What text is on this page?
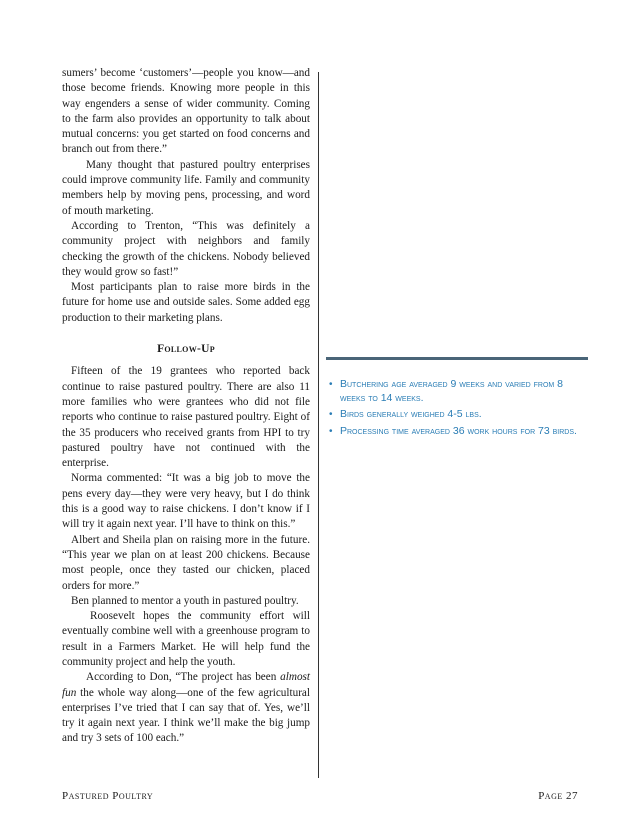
sumers’ become ‘customers’—people you know—and those become friends. Knowing more people in this way engenders a sense of wider community. Coming to the farm also provides an opportunity to talk about mutual concerns: you get started on food concerns and branch out from there.”

Many thought that pastured poultry enterprises could improve community life. Family and community members help by moving pens, processing, and word of mouth marketing.

According to Trenton, “This was definitely a community project with neighbors and family checking the growth of the chickens. Nobody believed they would grow so fast!”

Most participants plan to raise more birds in the future for home use and outside sales. Some added egg production to their marketing plans.

Follow-Up

Fifteen of the 19 grantees who reported back continue to raise pastured poultry. There are also 11 more families who were grantees who did not file reports who continue to raise pastured poultry. Eight of the 35 producers who received grants from HPI to try pastured poultry have not continued with the enterprise.

Norma commented: “It was a big job to move the pens every day—they were very heavy, but I do think this is a good way to raise chickens. I don’t know if I will try it again next year. I’ll have to think on this.”

Albert and Sheila plan on raising more in the future. “This year we plan on at least 200 chickens. Because most people, once they tasted our chicken, placed orders for more.”

Ben planned to mentor a youth in pastured poultry.

Roosevelt hopes the community effort will eventually combine well with a greenhouse program to result in a Farmers Market. He will help fund the community project and help the youth.

According to Don, “The project has been almost fun the whole way along—one of the few agricultural enterprises I’ve tried that I can say that of. Yes, we’ll try it again next year. I think we’ll make the big jump and try 3 sets of 100 each.”

• Butchering age averaged 9 weeks and varied from 8 weeks to 14 weeks.
• Birds generally weighed 4-5 lbs.
• Processing time averaged 36 work hours for 73 birds.
Pastured Poultry	Page 27
